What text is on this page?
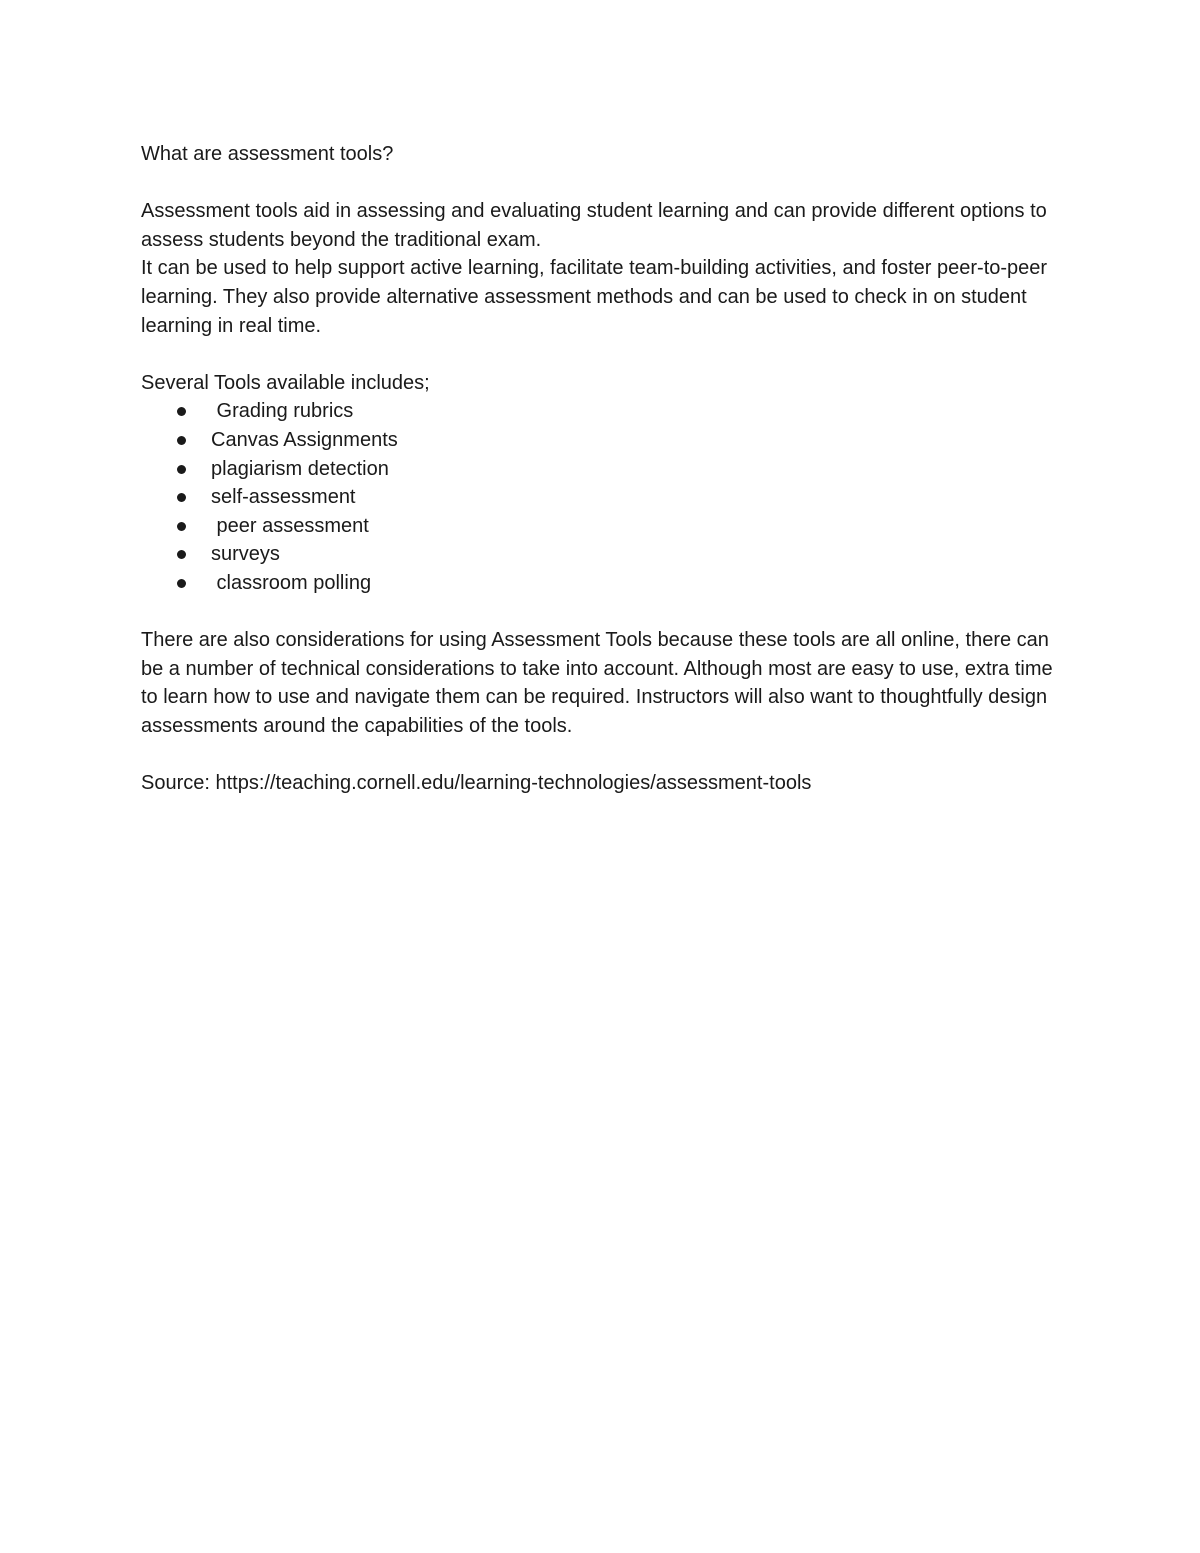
What are assessment tools?

Assessment tools aid in assessing and evaluating student learning and can provide different options to assess students beyond the traditional exam.

It can be used to help support active learning, facilitate team-building activities, and foster peer-to-peer learning. They also provide alternative assessment methods and can be used to check in on student learning in real time.

Several Tools available includes;

Grading rubrics
Canvas Assignments
plagiarism detection
self-assessment
peer assessment
surveys
classroom polling

There are also considerations for using Assessment Tools because these tools are all online, there can be a number of technical considerations to take into account. Although most are easy to use, extra time to learn how to use and navigate them can be required. Instructors will also want to thoughtfully design assessments around the capabilities of the tools.

Source: https://teaching.cornell.edu/learning-technologies/assessment-tools
